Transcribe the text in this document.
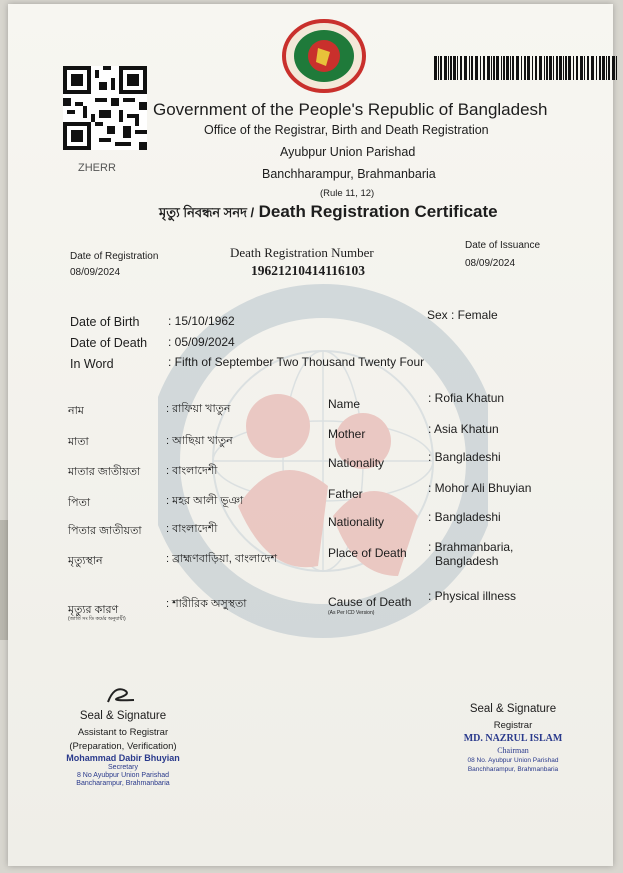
ZHERR
Government of the People's Republic of Bangladesh
Office of the Registrar, Birth and Death Registration
Ayubpur Union Parishad
Banchharampur, Brahmanbaria
(Rule 11, 12)
মৃত্যু নিবন্ধন সনদ / Death Registration Certificate
Date of Registration
08/09/2024
Death Registration Number
19621210414116103
Date of Issuance
08/09/2024
Date of Birth : 15/10/1962
Date of Death : 05/09/2024
In Word	: Fifth of September Two Thousand Twenty Four
Sex : Female
নাম	: রাফিয়া খাতুন
মাতা	: আছিয়া খাতুন
মাতার জাতীয়তা : বাংলাদেশী
পিতা	: মহর আলী ভূঞা
পিতার জাতীয়তা : বাংলাদেশী
মৃত্যুস্থান	: ব্রাহ্মণবাড়িয়া, বাংলাদেশ
মৃত্যুর কারণ	: শারীরিক অসুস্থতা
(জাতি সং ডি কর্মের অনুযায়ী)
Name	: Rofia Khatun
Mother	: Asia Khatun
Nationality	: Bangladeshi
Father	: Mohor Ali Bhuyian
Nationality	: Bangladeshi
Place of Death : Brahmanbaria,
Bangladesh
Cause of Death : Physical illness
(As Per ICD Version)
Seal & Signature
Assistant to Registrar
(Preparation, Verification)
Mohammad Dabir Bhuyian
Secretary
8 No Ayubpur Union Parishad
Bancharampur, Brahmanbaria
Seal & Signature
Registrar
MD. NAZRUL ISLAM
Chairman
08 No. Ayubpur Union Parishad
Banchharampur, Brahmanbaria
